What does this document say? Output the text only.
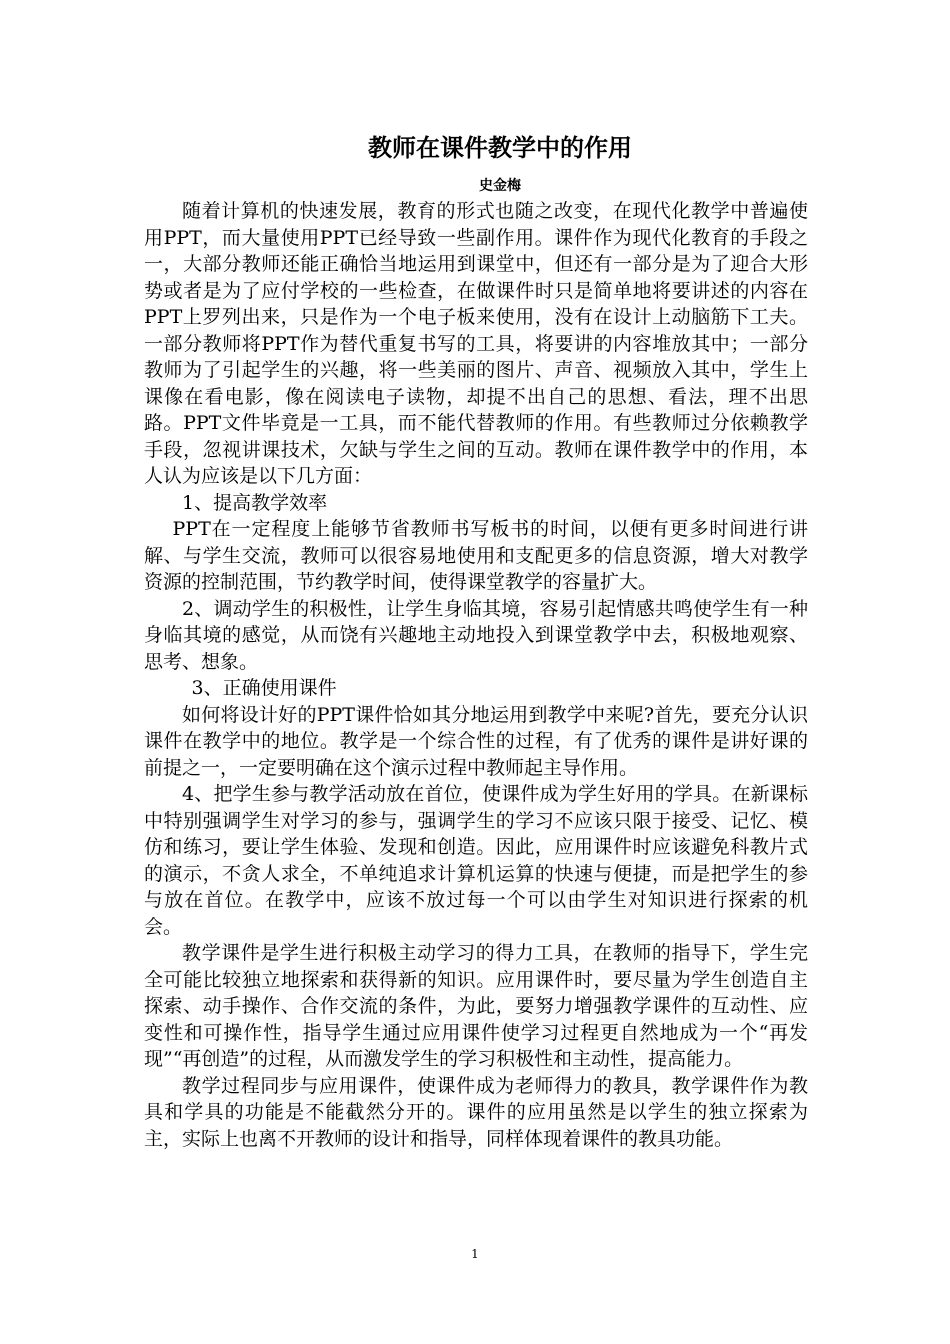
教师在课件教学中的作用
史金梅

随着计算机的快速发展，教育的形式也随之改变，在现代化教学中普遍使用PPT，而大量使用PPT已经导致一些副作用。课件作为现代化教育的手段之一，大部分教师还能正确恰当地运用到课堂中，但还有一部分是为了迎合大形势或者是为了应付学校的一些检查，在做课件时只是简单地将要讲述的内容在PPT上罗列出来，只是作为一个电子板来使用，没有在设计上动脑筋下工夫。一部分教师将PPT作为替代重复书写的工具，将要讲的内容堆放其中；一部分教师为了引起学生的兴趣，将一些美丽的图片、声音、视频放入其中，学生上课像在看电影，像在阅读电子读物，却提不出自己的思想、看法，理不出思路。PPT文件毕竟是一工具，而不能代替教师的作用。有些教师过分依赖教学手段，忽视讲课技术，欠缺与学生之间的互动。教师在课件教学中的作用，本人认为应该是以下几方面：

1、提高教学效率

PPT在一定程度上能够节省教师书写板书的时间，以便有更多时间进行讲解、与学生交流，教师可以很容易地使用和支配更多的信息资源，增大对教学资源的控制范围，节约教学时间，使得课堂教学的容量扩大。

2、调动学生的积极性，让学生身临其境，容易引起情感共鸣使学生有一种身临其境的感觉，从而饶有兴趣地主动地投入到课堂教学中去，积极地观察、思考、想象。

3、正确使用课件

如何将设计好的PPT课件恰如其分地运用到教学中来呢?首先，要充分认识课件在教学中的地位。教学是一个综合性的过程，有了优秀的课件是讲好课的前提之一，一定要明确在这个演示过程中教师起主导作用。

4、把学生参与教学活动放在首位，使课件成为学生好用的学具。在新课标中特别强调学生对学习的参与，强调学生的学习不应该只限于接受、记忆、模仿和练习，要让学生体验、发现和创造。因此，应用课件时应该避免科教片式的演示，不贪人求全，不单纯追求计算机运算的快速与便捷，而是把学生的参与放在首位。在教学中，应该不放过每一个可以由学生对知识进行探索的机会。

教学课件是学生进行积极主动学习的得力工具，在教师的指导下，学生完全可能比较独立地探索和获得新的知识。应用课件时，要尽量为学生创造自主探索、动手操作、合作交流的条件，为此，要努力增强教学课件的互动性、应变性和可操作性，指导学生通过应用课件使学习过程更自然地成为一个“再发现”“再创造”的过程，从而激发学生的学习积极性和主动性，提高能力。

教学过程同步与应用课件，使课件成为老师得力的教具，教学课件作为教具和学具的功能是不能截然分开的。课件的应用虽然是以学生的独立探索为主，实际上也离不开教师的设计和指导，同样体现着课件的教具功能。

1
